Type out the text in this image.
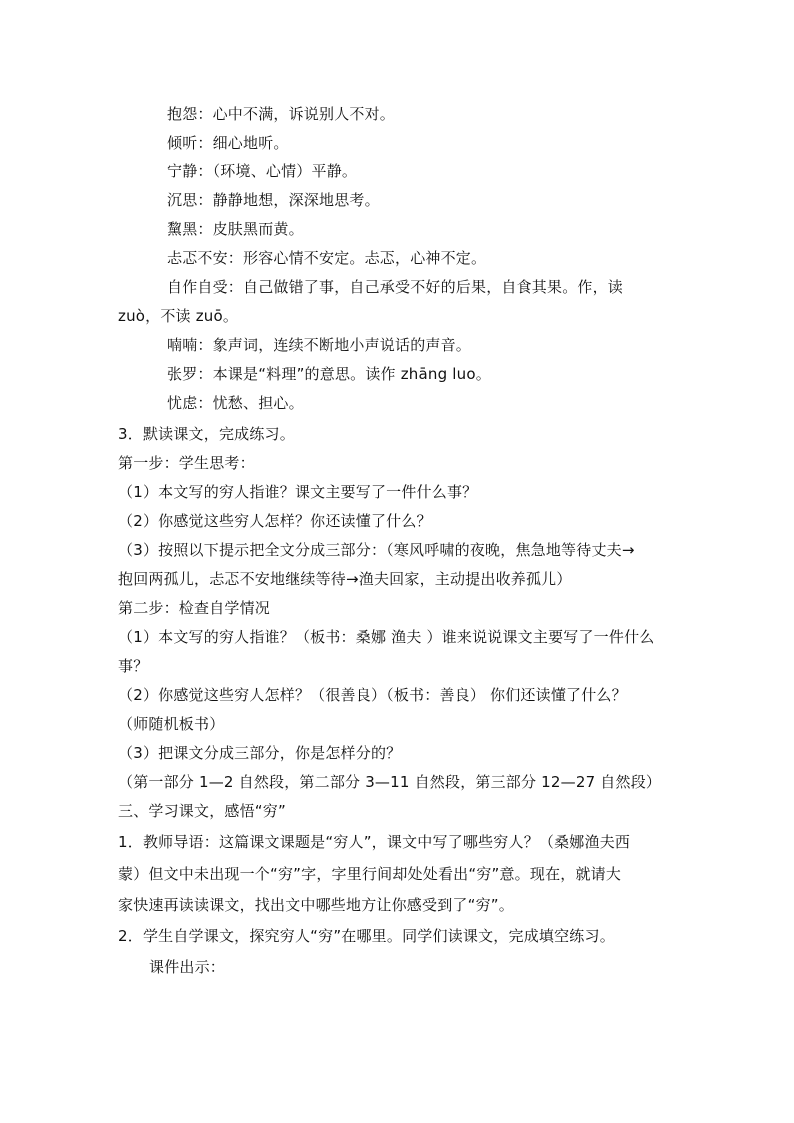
抱怨：心中不满，诉说别人不对。
倾听：细心地听。
宁静：（环境、心情）平静。
沉思：静静地想，深深地思考。
黧黑：皮肤黑而黄。
忐忑不安：形容心情不安定。忐忑，心神不定。
自作自受：自己做错了事，自己承受不好的后果，自食其果。作，读
zuò，不读 zuō。
喃喃：象声词，连续不断地小声说话的声音。
张罗：本课是“料理”的意思。读作 zhāng luo。
忧虑：忧愁、担心。
3．默读课文，完成练习。
第一步：学生思考：
（1）本文写的穷人指谁？课文主要写了一件什么事？
（2）你感觉这些穷人怎样？你还读懂了什么？
（3）按照以下提示把全文分成三部分：（寒风呼啸的夜晚，焦急地等待丈夫→
抱回两孤儿，忐忑不安地继续等待→渔夫回家，主动提出收养孤儿）
第二步：检查自学情况
（1）本文写的穷人指谁？（板书：桑娜 渔夫 ）谁来说说课文主要写了一件什么
事？
（2）你感觉这些穷人怎样？（很善良）（板书：善良） 你们还读懂了什么？
（师随机板书）
（3）把课文分成三部分，你是怎样分的？
（第一部分 1—2 自然段，第二部分 3—11 自然段，第三部分 12—27 自然段）
三、学习课文，感悟“穷”
1．教师导语：这篇课文课题是“穷人”，课文中写了哪些穷人？（桑娜渔夫西
蒙）但文中未出现一个“穷”字，字里行间却处处看出“穷”意。现在，就请大
家快速再读读课文，找出文中哪些地方让你感受到了“穷”。
2．学生自学课文，探究穷人“穷”在哪里。同学们读课文，完成填空练习。
课件出示：
